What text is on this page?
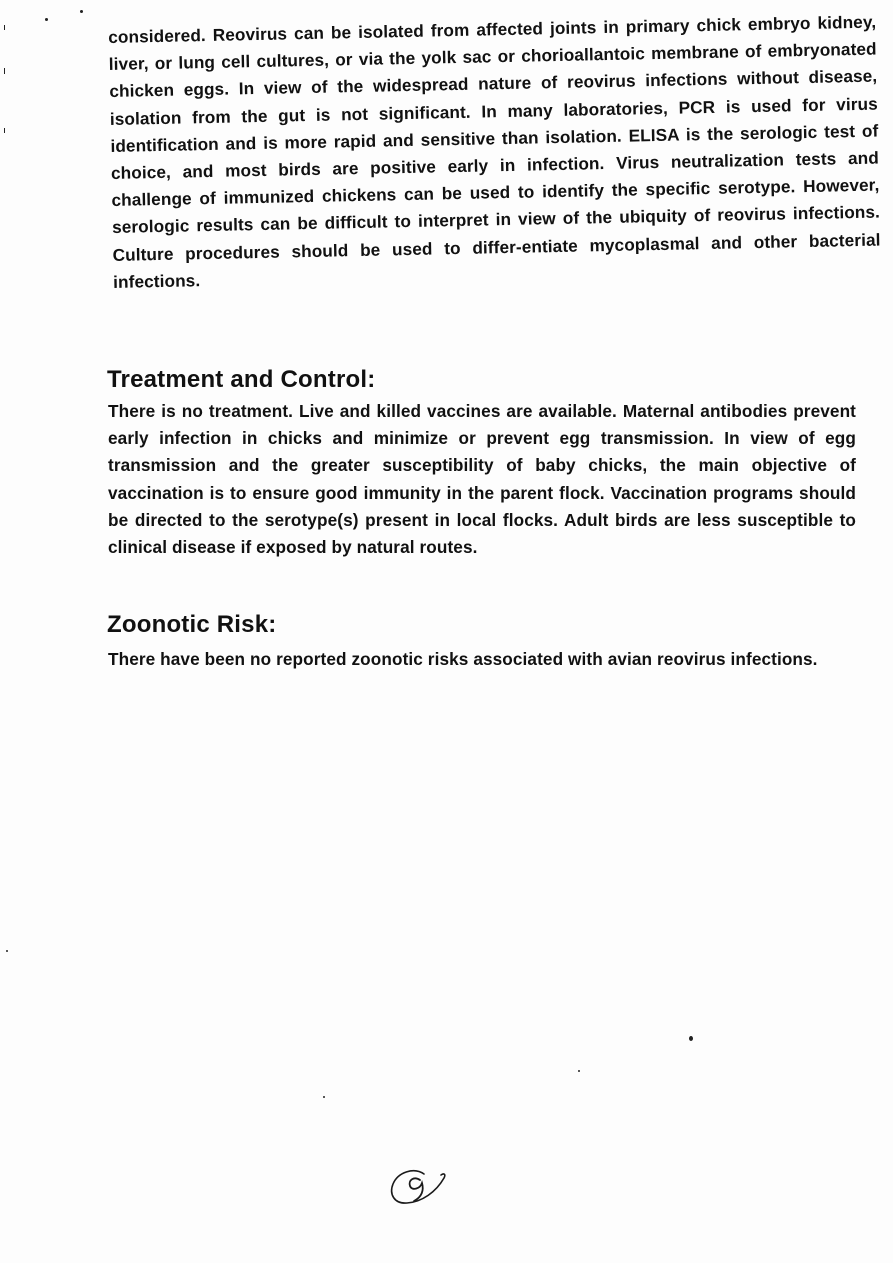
considered. Reovirus can be isolated from affected joints in primary chick embryo kidney, liver, or lung cell cultures, or via the yolk sac or chorioallantoic membrane of embryonated chicken eggs. In view of the widespread nature of reovirus infections without disease, isolation from the gut is not significant. In many laboratories, PCR is used for virus identification and is more rapid and sensitive than isolation. ELISA is the serologic test of choice, and most birds are positive early in infection. Virus neutralization tests and challenge of immunized chickens can be used to identify the specific serotype. However, serologic results can be difficult to interpret in view of the ubiquity of reovirus infections. Culture procedures should be used to differ-entiate mycoplasmal and other bacterial infections.

Treatment and Control:

There is no treatment. Live and killed vaccines are available. Maternal antibodies prevent early infection in chicks and minimize or prevent egg transmission. In view of egg transmission and the greater susceptibility of baby chicks, the main objective of vaccination is to ensure good immunity in the parent flock. Vaccination programs should be directed to the serotype(s) present in local flocks. Adult birds are less susceptible to clinical disease if exposed by natural routes.

Zoonotic Risk:

There have been no reported zoonotic risks associated with avian reovirus infections.
